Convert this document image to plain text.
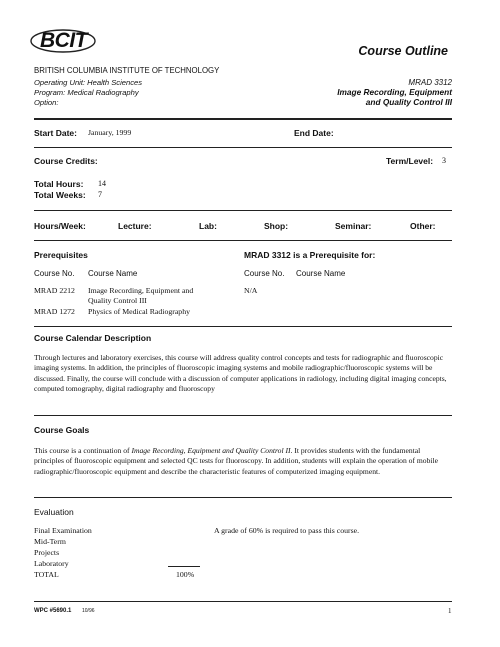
BCIT	Course Outline
BRITISH COLUMBIA INSTITUTE OF TECHNOLOGY
Operating Unit: Health Sciences
Program: Medical Radiography
Option:
MRAD 3312
Image Recording, Equipment
and Quality Control III
Start Date: January, 1999	End Date:
Course Credits:	Term/Level: 3
Total Hours: 14
Total Weeks: 7
Hours/Week:	Lecture:	Lab:	Shop:	Seminar:	Other:
Prerequisites	MRAD 3312 is a Prerequisite for:
Course No. Course Name	Course No. Course Name
MRAD 2212 Image Recording, Equipment and
Quality Control III
MRAD 1272 Physics of Medical Radiography
N/A
Course Calendar Description
Through lectures and laboratory exercises, this course will address quality control concepts and tests for radiographic and fluoroscopic imaging systems. In addition, the principles of fluoroscopic imaging systems and mobile radiographic/fluoroscopic systems will be discussed. Finally, the course will conclude with a discussion of computer applications in radiology, including digital imaging concepts, computed tomography, digital radiography and fluoroscopy
Course Goals
This course is a continuation of Image Recording, Equipment and Quality Control II. It provides students with the fundamental principles of fluoroscopic equipment and selected QC tests for fluoroscopy. In addition, students will explain the operation of mobile radiographic/fluoroscopic equipment and describe the characteristic features of computerized imaging equipment.
Evaluation
Final Examination
Mid-Term
Projects
Laboratory
TOTAL	100%
A grade of 60% is required to pass this course.
WPC #5690.1 10/96	1
